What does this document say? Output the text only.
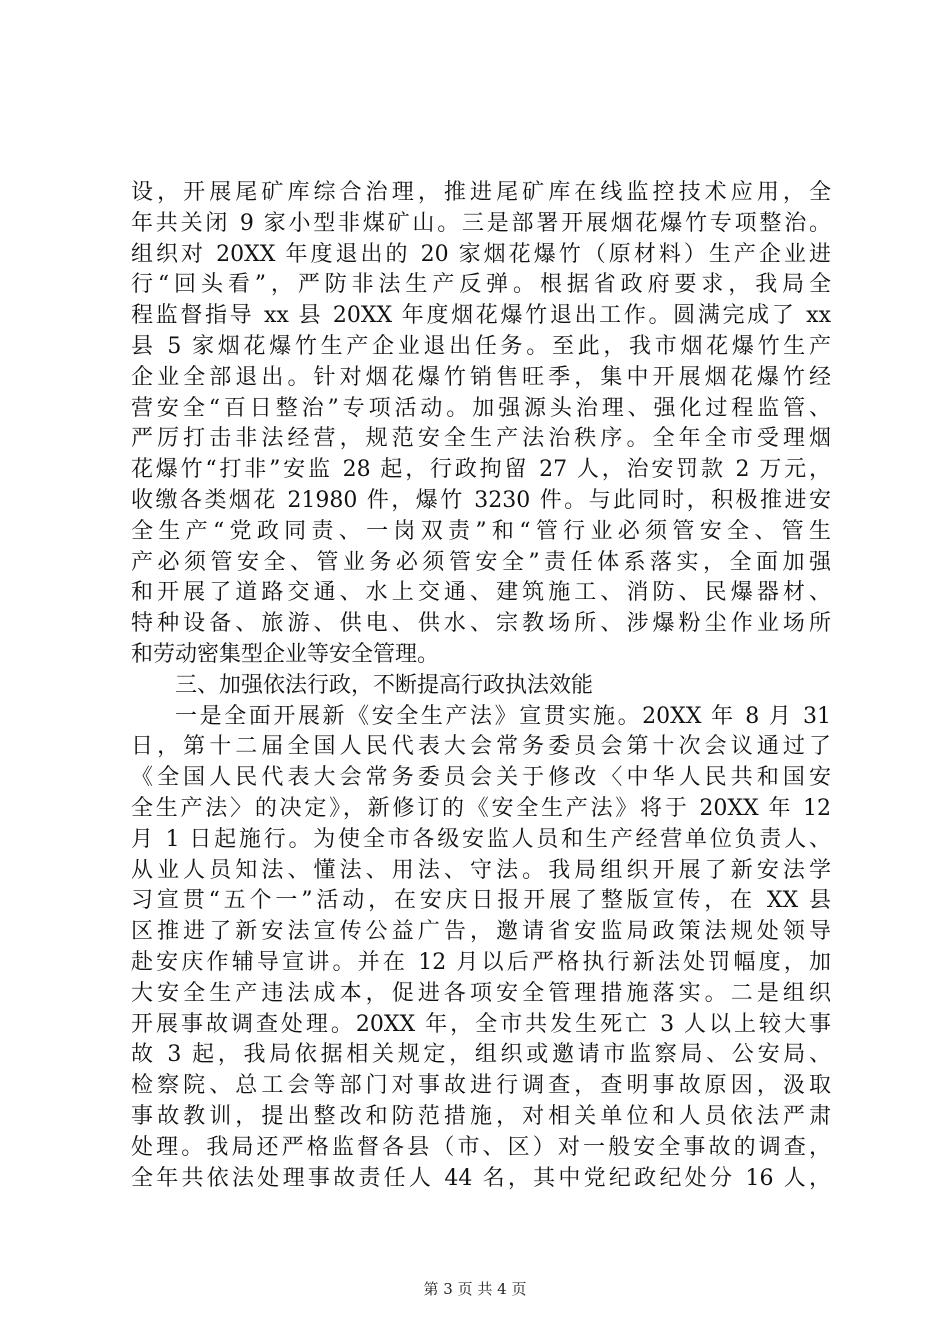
设，开展尾矿库综合治理，推进尾矿库在线监控技术应用，全
年共关闭 9 家小型非煤矿山。三是部署开展烟花爆竹专项整治。
组织对 20XX 年度退出的 20 家烟花爆竹（原材料）生产企业进
行“回头看”，严防非法生产反弹。根据省政府要求，我局全
程监督指导 xx 县 20XX 年度烟花爆竹退出工作。圆满完成了 xx
县 5 家烟花爆竹生产企业退出任务。至此，我市烟花爆竹生产
企业全部退出。针对烟花爆竹销售旺季，集中开展烟花爆竹经
营安全“百日整治”专项活动。加强源头治理、强化过程监管、
严厉打击非法经营，规范安全生产法治秩序。全年全市受理烟
花爆竹“打非”安监 28 起，行政拘留 27 人，治安罚款 2 万元，
收缴各类烟花 21980 件，爆竹 3230 件。与此同时，积极推进安
全生产“党政同责、一岗双责”和“管行业必须管安全、管生
产必须管安全、管业务必须管安全”责任体系落实，全面加强
和开展了道路交通、水上交通、建筑施工、消防、民爆器材、
特种设备、旅游、供电、供水、宗教场所、涉爆粉尘作业场所
和劳动密集型企业等安全管理。
三、加强依法行政，不断提高行政执法效能
一是全面开展新《安全生产法》宣贯实施。20XX 年 8 月 31
日，第十二届全国人民代表大会常务委员会第十次会议通过了
《全国人民代表大会常务委员会关于修改〈中华人民共和国安
全生产法〉的决定》，新修订的《安全生产法》将于 20XX 年 12
月 1 日起施行。为使全市各级安监人员和生产经营单位负责人、
从业人员知法、懂法、用法、守法。我局组织开展了新安法学
习宣贯“五个一”活动，在安庆日报开展了整版宣传，在 XX 县
区推进了新安法宣传公益广告，邀请省安监局政策法规处领导
赴安庆作辅导宣讲。并在 12 月以后严格执行新法处罚幅度，加
大安全生产违法成本，促进各项安全管理措施落实。二是组织
开展事故调查处理。20XX 年，全市共发生死亡 3 人以上较大事
故 3 起，我局依据相关规定，组织或邀请市监察局、公安局、
检察院、总工会等部门对事故进行调查，查明事故原因，汲取
事故教训，提出整改和防范措施，对相关单位和人员依法严肃
处理。我局还严格监督各县（市、区）对一般安全事故的调查，
全年共依法处理事故责任人 44 名，其中党纪政纪处分 16 人，
第 3 页 共 4 页
